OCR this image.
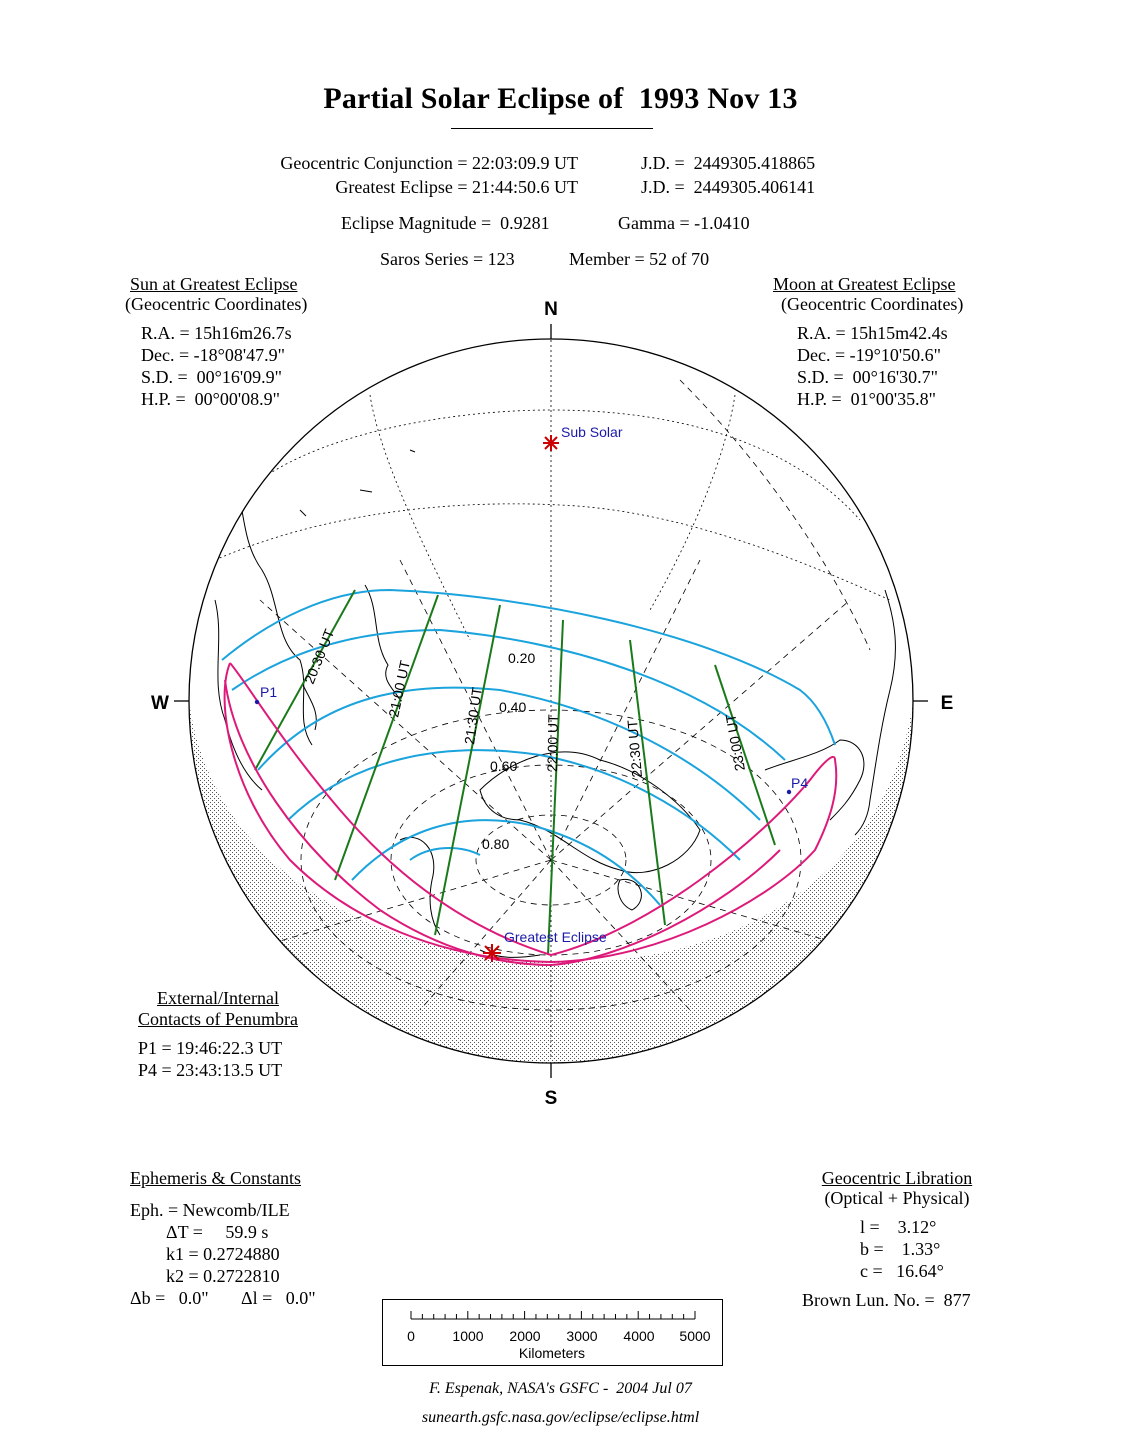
Partial Solar Eclipse of  1993 Nov 13
Geocentric Conjunction = 22:03:09.9 UT	J.D. =  2449305.418865
Greatest Eclipse = 21:44:50.6 UT	J.D. =  2449305.406141
Eclipse Magnitude =  0.9281	Gamma = -1.0410
Saros Series = 123	Member = 52 of 70
Sun at Greatest Eclipse
(Geocentric Coordinates)
R.A. = 15h16m26.7s
Dec. = -18°08'47.9"
S.D. =  00°16'09.9"
H.P. =  00°00'08.9"
Moon at Greatest Eclipse
(Geocentric Coordinates)
R.A. = 15h15m42.4s
Dec. = -19°10'50.6"
S.D. =  00°16'30.7"
H.P. =  01°00'35.8"
External/Internal
Contacts of Penumbra
P1 = 19:46:22.3 UT
P4 = 23:43:13.5 UT
Ephemeris & Constants
Eph. = Newcomb/ILE
ΔT =     59.9 s
k1 = 0.2724880
k2 = 0.2722810
Δb =   0.0" Δl =   0.0"
Geocentric Libration
(Optical + Physical)
l =    3.12°
b =    1.33°
c =   16.64°
Brown Lun. No. =  877
N
S
W	E
Sub Solar
Greatest Eclipse
P1
P4
0.20
0.40
0.60
0.80
20:30 UT
21:00 UT	21:30 UT	22:00 UT	22:30 UT	23:00 UT
0	1000 2000 3000 4000 5000
Kilometers
F. Espenak, NASA's GSFC -  2004 Jul 07
sunearth.gsfc.nasa.gov/eclipse/eclipse.html
